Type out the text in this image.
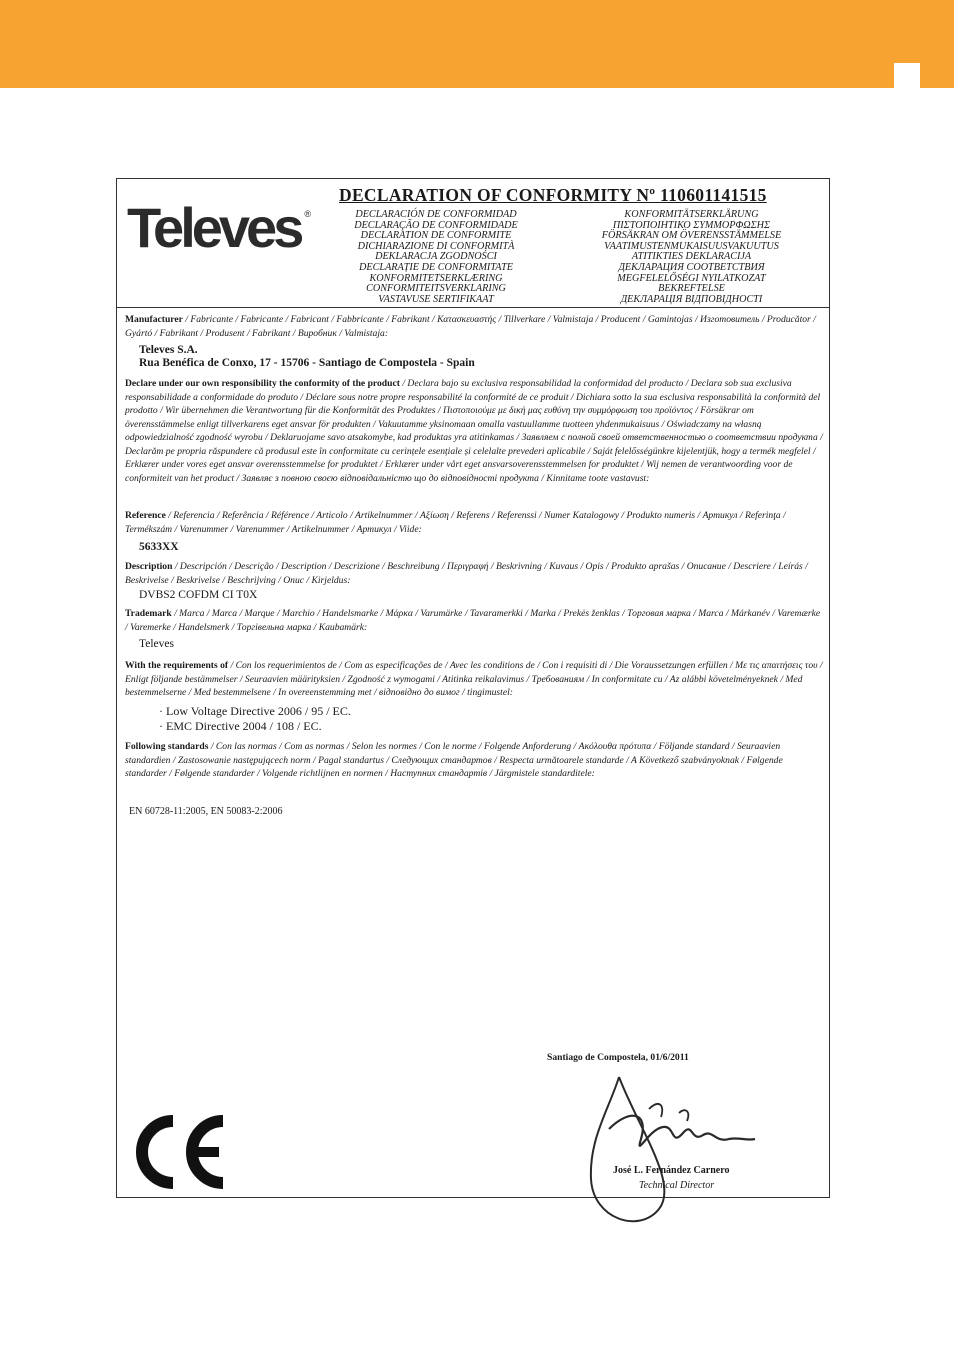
Televes ®
DECLARATION OF CONFORMITY Nº 110601141515
DECLARACIÓN DE CONFORMIDAD
DECLARAÇÃO DE CONFORMIDADE
DECLARATION DE CONFORMITE
DICHIARAZIONE DI CONFORMITÀ
DEKLARACJA ZGODNOŚCI
DECLARAȚIE DE CONFORMITATE
KONFORMITETSERKLÆRING
CONFORMITEITSVERKLARING
VASTAVUSE SERTIFIKAAT
KONFORMITÄTSERKLÄRUNG
ΠΙΣΤΟΠΟΙΗΤΙΚΟ ΣΥΜΜΟΡΦΩΣΗΣ
FÖRSÄKRAN OM ÖVERENSSTÄMMELSE
VAATIMUSTENMUKAISUUSVAKUUTUS
ATITIKTIES DEKLARACIJA
ДЕКЛАРАЦИЯ СООТВЕТСТВИЯ
MEGFELELŐSÉGI NYILATKOZAT
BEKREFTELSE
ДЕКЛАРАЦІЯ ВІДПОВІДНОСТІ
Manufacturer / Fabricante / Fabricante / Fabricant / Fabbricante / Fabrikant / Κατασκευαστής / Tillverkare / Valmistaja / Producent / Gamintojas / Изготовитель / Producător / Gyártó / Fabrikant / Produsent / Fabrikant / Виробник / Valmistaja:
Televes S.A.
Rua Benéfica de Conxo, 17 - 15706 - Santiago de Compostela - Spain
Declare under our own responsibility the conformity of the product / Declara bajo su exclusiva responsabilidad la conformidad del producto / Declara sob sua exclusiva responsabilidade a conformidade do produto / Déclare sous notre propre responsabilité la conformité de ce produit / Dichiara sotto la sua esclusiva responsabilità la conformità del prodotto / Wir übernehmen die Verantwortung für die Konformität des Produktes / Πιστοποιούμε με δική μας ευθύνη την συμμόρφωση του προϊόντος / Försäkrar om överensstämmelse enligt tillverkarens eget ansvar för produkten / Vakuutamme yksinomaan omalla vastuullamme tuotteen yhdenmukaisuus / Oświadczamy na własną odpowiedzialność zgodność wyrobu / Deklaruojame savo atsakomybe, kad produktas yra atitinkamas / Заявляем с полной своей ответственностью о соответствии продукта / Declarăm pe propria răspundere că produsul este în conformitate cu cerințele esențiale și celelalte prevederi aplicabile / Saját felelősségünkre kijelentjük, hogy a termék megfelel / Erklærer under vores eget ansvar overensstemmelse for produktet / Erklærer under vårt eget ansvarsoverensstemmelsen for produktet / Wij nemen de verantwoording voor de conformiteit van het product / Заявляє з повною своєю відповідальністю що до відповідності продукта / Kinnitame toote vastavust:
Reference / Referencia / Referência / Référence / Articolo / Artikelnummer / Αξίωση / Referens / Referenssi / Numer Katalogowy / Produkto numeris / Артикул / Referinţa / Termékszám / Varenummer / Varenummer / Artikelnummer / Артикул / Viide:
5633XX
Description / Descripción / Descrição / Description / Descrizione / Beschreibung / Περιγραφή / Beskrivning / Kuvaus / Opis / Produkto aprašas / Описание / Descriere / Leírás / Beskrivelse / Beskrivelse / Beschrijving / Опис / Kirjeldus:
DVBS2 COFDM CI T0X
Trademark / Marca / Marca / Marque / Marchio / Handelsmarke / Μάρκα / Varumärke / Tavaramerkki / Marka / Prekės ženklas / Торговая марка / Marca / Márkanév / Varemærke / Varemerke / Handelsmerk / Торгівельна марка / Kaubamärk:
Televes
With the requirements of / Con los requerimientos de / Com as especificações de / Avec les conditions de / Con i requisiti di / Die Voraussetzungen erfüllen / Με τις απαιτήσεις του / Enligt följande bestämmelser / Seuraavien määrityksien / Zgodność z wymogami / Atitinka reikalavimus / Требованиям / In conformitate cu / Az alábbi követelményeknek / Med bestemmelserne / Med bestemmelsene / In overeenstemming met / відповідно до вимог / tingimustel:
· Low Voltage Directive 2006 / 95 / EC.
· EMC Directive 2004 / 108 / EC.
Following standards / Con las normas / Com as normas / Selon les normes / Con le norme / Folgende Anforderung / Ακόλουθα πρότυπα / Följande standard / Seuraavien standardien / Zastosowanie następującech norm / Pagal standartus / Следующих стандартов / Respecta următoarele standarde / A Következő szabványoknak / Følgende standarder / Følgende standarder / Volgende richtlijnen en normen / Наступних стандартів / Järgmistele standarditele:
EN 60728-11:2005, EN 50083-2:2006
Santiago de Compostela, 01/6/2011
José L. Fernández Carnero
Technical Director
